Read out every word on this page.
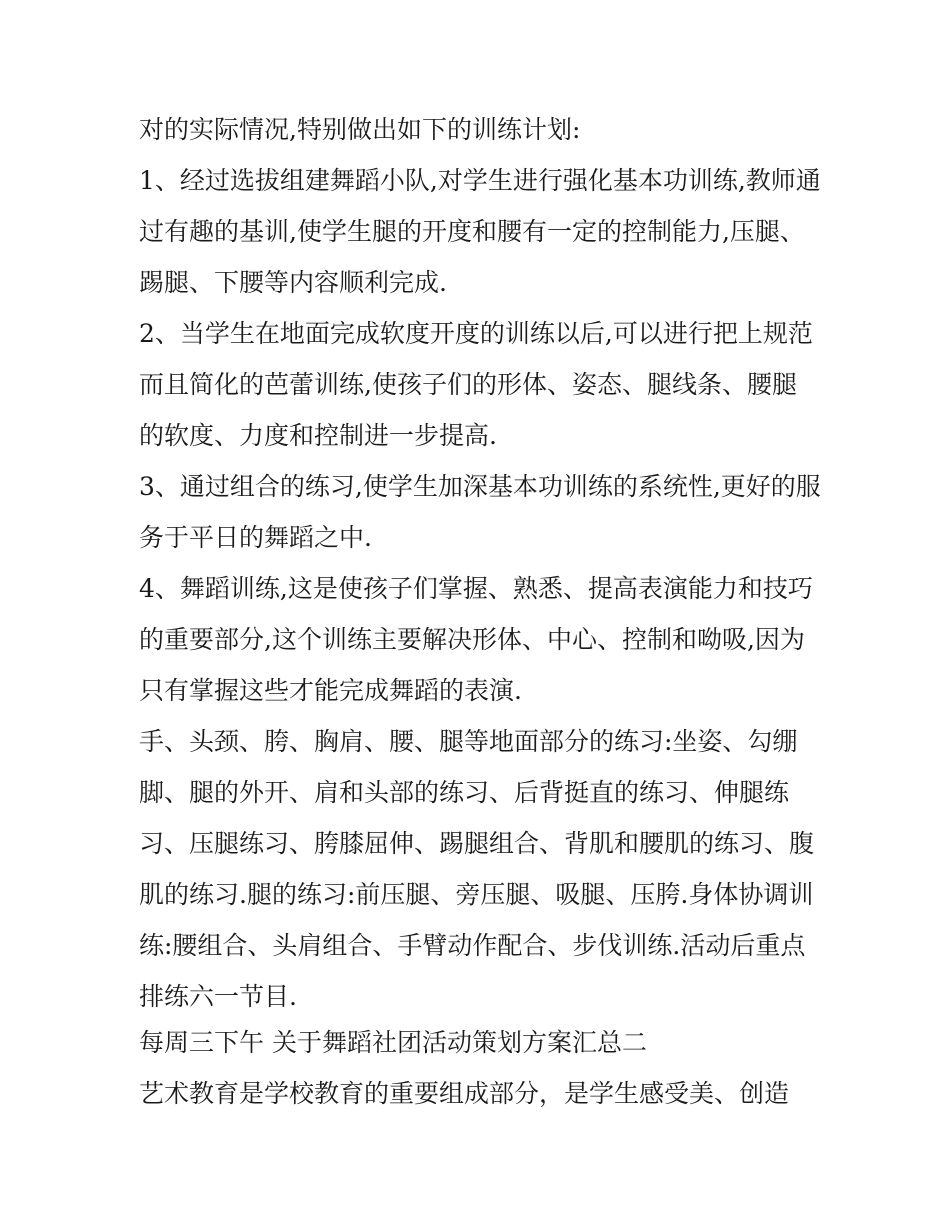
对的实际情况,特别做出如下的训练计划:
1、经过选拔组建舞蹈小队,对学生进行强化基本功训练,教师通
过有趣的基训,使学生腿的开度和腰有一定的控制能力,压腿、
踢腿、下腰等内容顺利完成.
2、当学生在地面完成软度开度的训练以后,可以进行把上规范
而且简化的芭蕾训练,使孩子们的形体、姿态、腿线条、腰腿
的软度、力度和控制进一步提高.
3、通过组合的练习,使学生加深基本功训练的系统性,更好的服
务于平日的舞蹈之中.
4、舞蹈训练,这是使孩子们掌握、熟悉、提高表演能力和技巧
的重要部分,这个训练主要解决形体、中心、控制和呦吸,因为
只有掌握这些才能完成舞蹈的表演.
手、头颈、胯、胸肩、腰、腿等地面部分的练习:坐姿、勾绷
脚、腿的外开、肩和头部的练习、后背挺直的练习、伸腿练
习、压腿练习、胯膝屈伸、踢腿组合、背肌和腰肌的练习、腹
肌的练习.腿的练习:前压腿、旁压腿、吸腿、压胯.身体协调训
练:腰组合、头肩组合、手臂动作配合、步伐训练.活动后重点
排练六一节目.
每周三下午 关于舞蹈社团活动策划方案汇总二
艺术教育是学校教育的重要组成部分，是学生感受美、创造
